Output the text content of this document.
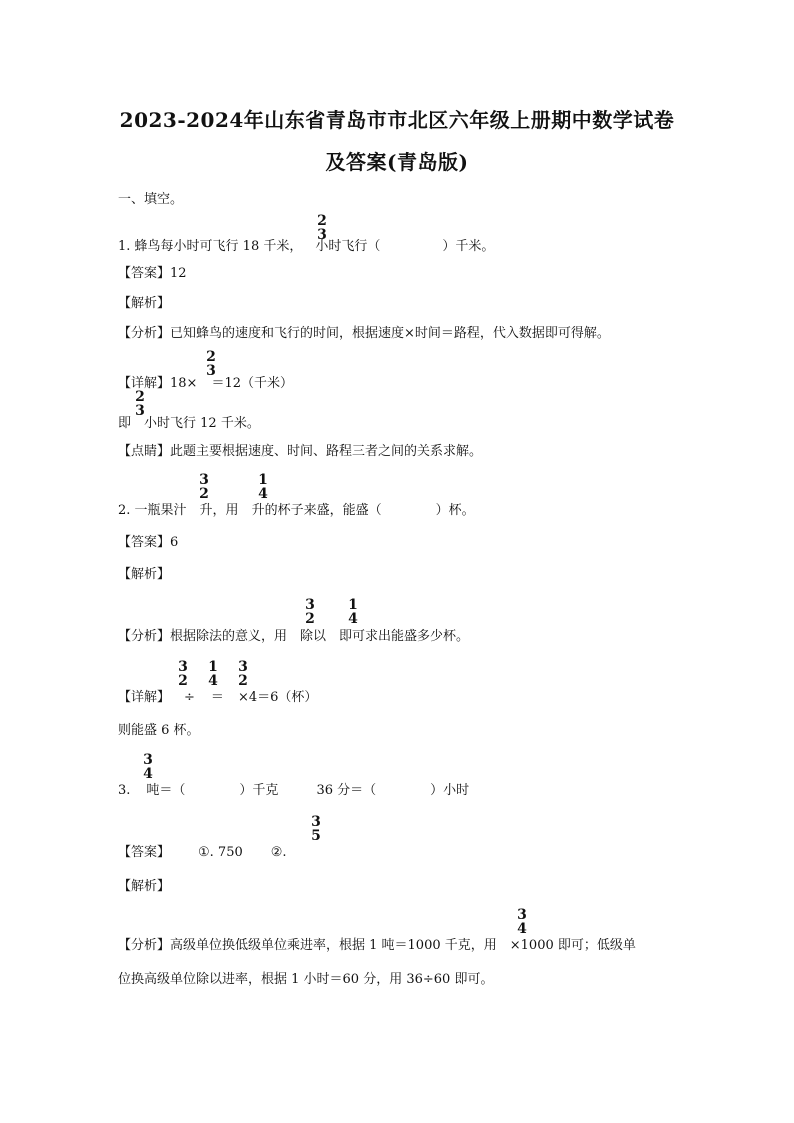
2023-2024年山东省青岛市市北区六年级上册期中数学试卷
及答案(青岛版)
一、填空。
1. 蜂鸟每小时可飞行 18 千米， 小时飞行（	）千米。
2
3
【答案】12
【解析】
【分析】已知蜂鸟的速度和飞行的时间，根据速度×时间＝路程，代入数据即可得解。
【详解】18× ＝12（千米）
2
3
即 小时飞行 12 千米。
2
3
【点睛】此题主要根据速度、时间、路程三者之间的关系求解。
2. 一瓶果汁 升，用 升的杯子来盛，能盛（	）杯。
3
2
1
4
【答案】6
【解析】
【分析】根据除法的意义，用 除以 即可求出能盛多少杯。
3
2
1
4
【详解】 ÷ ＝ ×4＝6（杯）
3
2
1
4
3
2
则能盛 6 杯。
3. 吨＝（	）千克	36 分＝（	）小时
3
4
【答案】 ①. 750 ②.
3
5
【解析】
【分析】高级单位换低级单位乘进率，根据 1 吨＝1000 千克，用 ×1000 即可；低级单
3
4
位换高级单位除以进率，根据 1 小时＝60 分，用 36÷60 即可。
